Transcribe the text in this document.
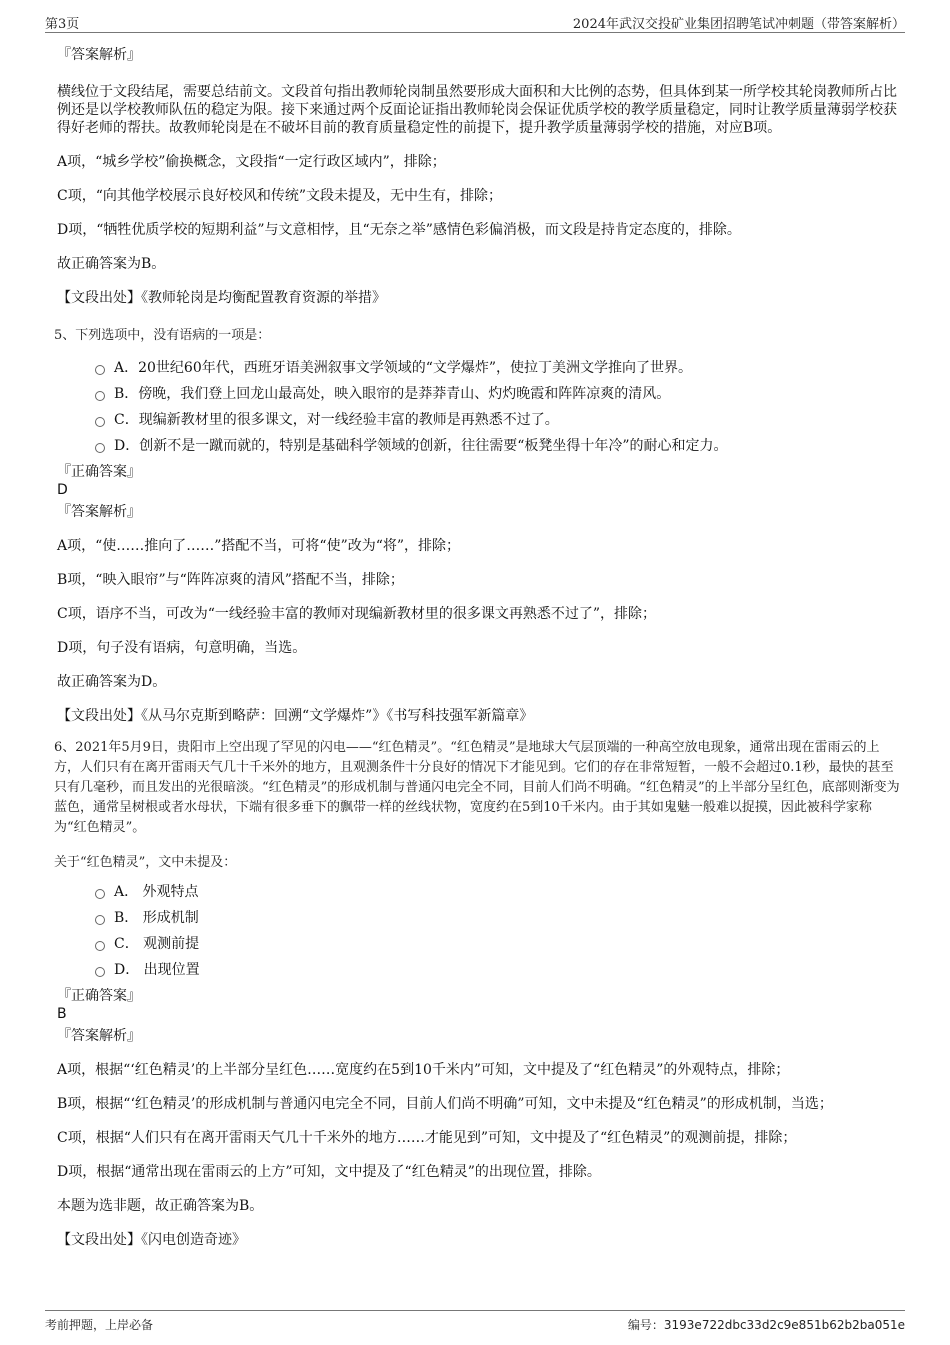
第3页	2024年武汉交投矿业集团招聘笔试冲刺题（带答案解析）
『答案解析』

横线位于文段结尾，需要总结前文。文段首句指出教师轮岗制虽然要形成大面积和大比例的态势，但具体到某一所学校其轮岗教师所占比例还是以学校教师队伍的稳定为限。接下来通过两个反面论证指出教师轮岗会保证优质学校的教学质量稳定，同时让教学质量薄弱学校获得好老师的帮扶。故教师轮岗是在不破坏目前的教育质量稳定性的前提下，提升教学质量薄弱学校的措施，对应B项。

A项，“城乡学校”偷换概念，文段指“一定行政区域内”，排除；

C项，“向其他学校展示良好校风和传统”文段未提及，无中生有，排除；

D项，“牺牲优质学校的短期利益”与文意相悖，且“无奈之举”感情色彩偏消极，而文段是持肯定态度的，排除。

故正确答案为B。

【文段出处】《教师轮岗是均衡配置教育资源的举措》

5、下列选项中，没有语病的一项是：

A．20世纪60年代，西班牙语美洲叙事文学领域的“文学爆炸”，使拉丁美洲文学推向了世界。
B．傍晚，我们登上回龙山最高处，映入眼帘的是莽莽青山、灼灼晚霞和阵阵凉爽的清风。
C．现编新教材里的很多课文，对一线经验丰富的教师是再熟悉不过了。
D．创新不是一蹴而就的，特别是基础科学领域的创新，往往需要“板凳坐得十年冷”的耐心和定力。
『正确答案』
D
『答案解析』

A项，“使……推向了……”搭配不当，可将“使”改为“将”，排除；

B项，“映入眼帘”与“阵阵凉爽的清风”搭配不当，排除；

C项，语序不当，可改为“一线经验丰富的教师对现编新教材里的很多课文再熟悉不过了”，排除；

D项，句子没有语病，句意明确，当选。

故正确答案为D。

【文段出处】《从马尔克斯到略萨：回溯“文学爆炸”》《书写科技强军新篇章》

6、2021年5月9日，贵阳市上空出现了罕见的闪电——“红色精灵”。“红色精灵”是地球大气层顶端的一种高空放电现象，通常出现在雷雨云的上方，人们只有在离开雷雨天气几十千米外的地方，且观测条件十分良好的情况下才能见到。它们的存在非常短暂，一般不会超过0.1秒，最快的甚至只有几毫秒，而且发出的光很暗淡。“红色精灵”的形成机制与普通闪电完全不同，目前人们尚不明确。“红色精灵”的上半部分呈红色，底部则渐变为蓝色，通常呈树根或者水母状，下端有很多垂下的飘带一样的丝线状物，宽度约在5到10千米内。由于其如鬼魅一般难以捉摸，因此被科学家称为“红色精灵”。

关于“红色精灵”，文中未提及：

A． 外观特点
B． 形成机制
C． 观测前提
D． 出现位置
『正确答案』
B
『答案解析』

A项，根据“‘红色精灵’的上半部分呈红色……宽度约在5到10千米内”可知，文中提及了“红色精灵”的外观特点，排除；

B项，根据“‘红色精灵’的形成机制与普通闪电完全不同，目前人们尚不明确”可知，文中未提及“红色精灵”的形成机制，当选；

C项，根据“人们只有在离开雷雨天气几十千米外的地方……才能见到”可知，文中提及了“红色精灵”的观测前提，排除；

D项，根据“通常出现在雷雨云的上方”可知，文中提及了“红色精灵”的出现位置，排除。

本题为选非题，故正确答案为B。

【文段出处】《闪电创造奇迹》

考前押题，上岸必备	编号：3193e722dbc33d2c9e851b62b2ba051e
